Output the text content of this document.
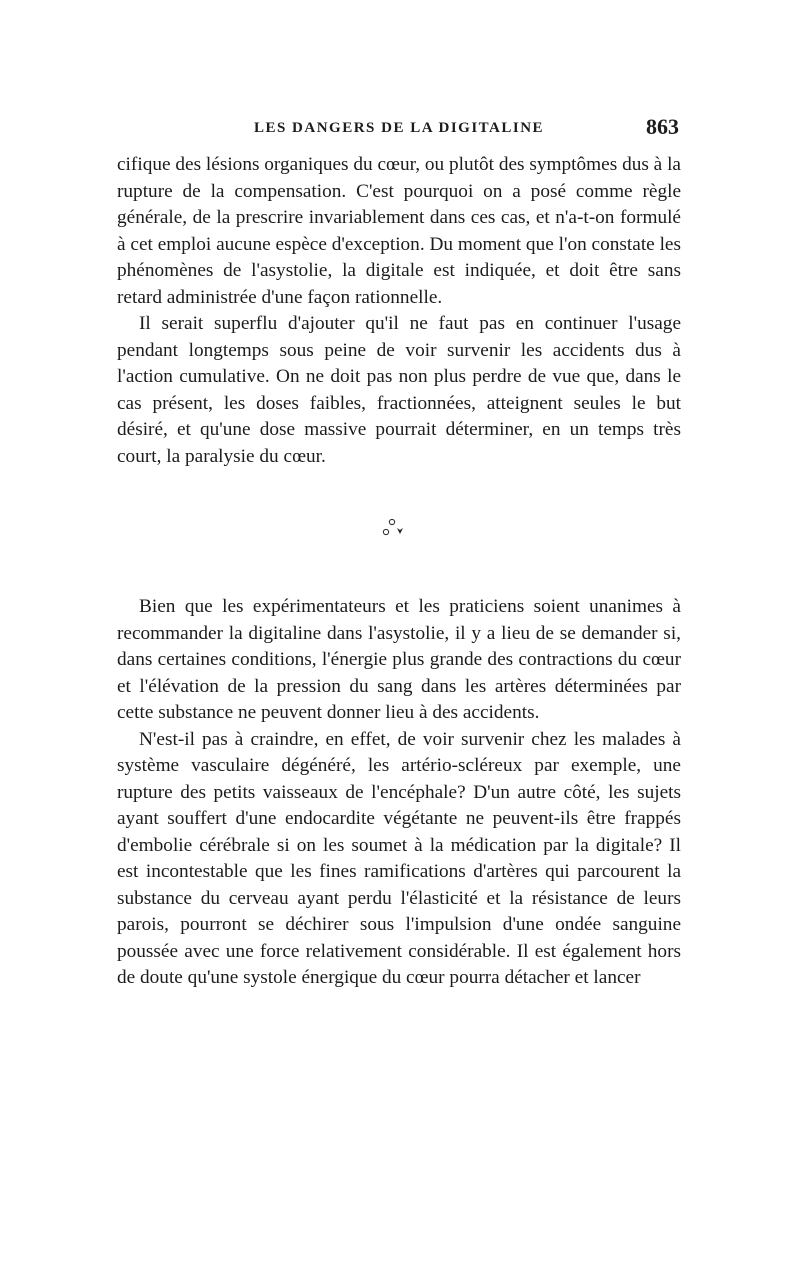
LES DANGERS DE LA DIGITALINE	863

cifique des lésions organiques du cœur, ou plutôt des symptômes dus à la rupture de la compensation. C'est pourquoi on a posé comme règle générale, de la prescrire invariablement dans ces cas, et n'a-t-on formulé à cet emploi aucune espèce d'exception. Du moment que l'on constate les phénomènes de l'asystolie, la digitale est indiquée, et doit être sans retard administrée d'une façon rationnelle.

Il serait superflu d'ajouter qu'il ne faut pas en continuer l'usage pendant longtemps sous peine de voir survenir les accidents dus à l'action cumulative. On ne doit pas non plus perdre de vue que, dans le cas présent, les doses faibles, fractionnées, atteignent seules le but désiré, et qu'une dose massive pourrait déterminer, en un temps très court, la paralysie du cœur.

Bien que les expérimentateurs et les praticiens soient unanimes à recommander la digitaline dans l'asystolie, il y a lieu de se demander si, dans certaines conditions, l'énergie plus grande des contractions du cœur et l'élévation de la pression du sang dans les artères déterminées par cette substance ne peuvent donner lieu à des accidents.

N'est-il pas à craindre, en effet, de voir survenir chez les malades à système vasculaire dégénéré, les artério-scléreux par exemple, une rupture des petits vaisseaux de l'encéphale? D'un autre côté, les sujets ayant souffert d'une endocardite végétante ne peuvent-ils être frappés d'embolie cérébrale si on les soumet à la médication par la digitale? Il est incontestable que les fines ramifications d'artères qui parcourent la substance du cerveau ayant perdu l'élasticité et la résistance de leurs parois, pourront se déchirer sous l'impulsion d'une ondée sanguine poussée avec une force relativement considérable. Il est également hors de doute qu'une systole énergique du cœur pourra détacher et lancer
